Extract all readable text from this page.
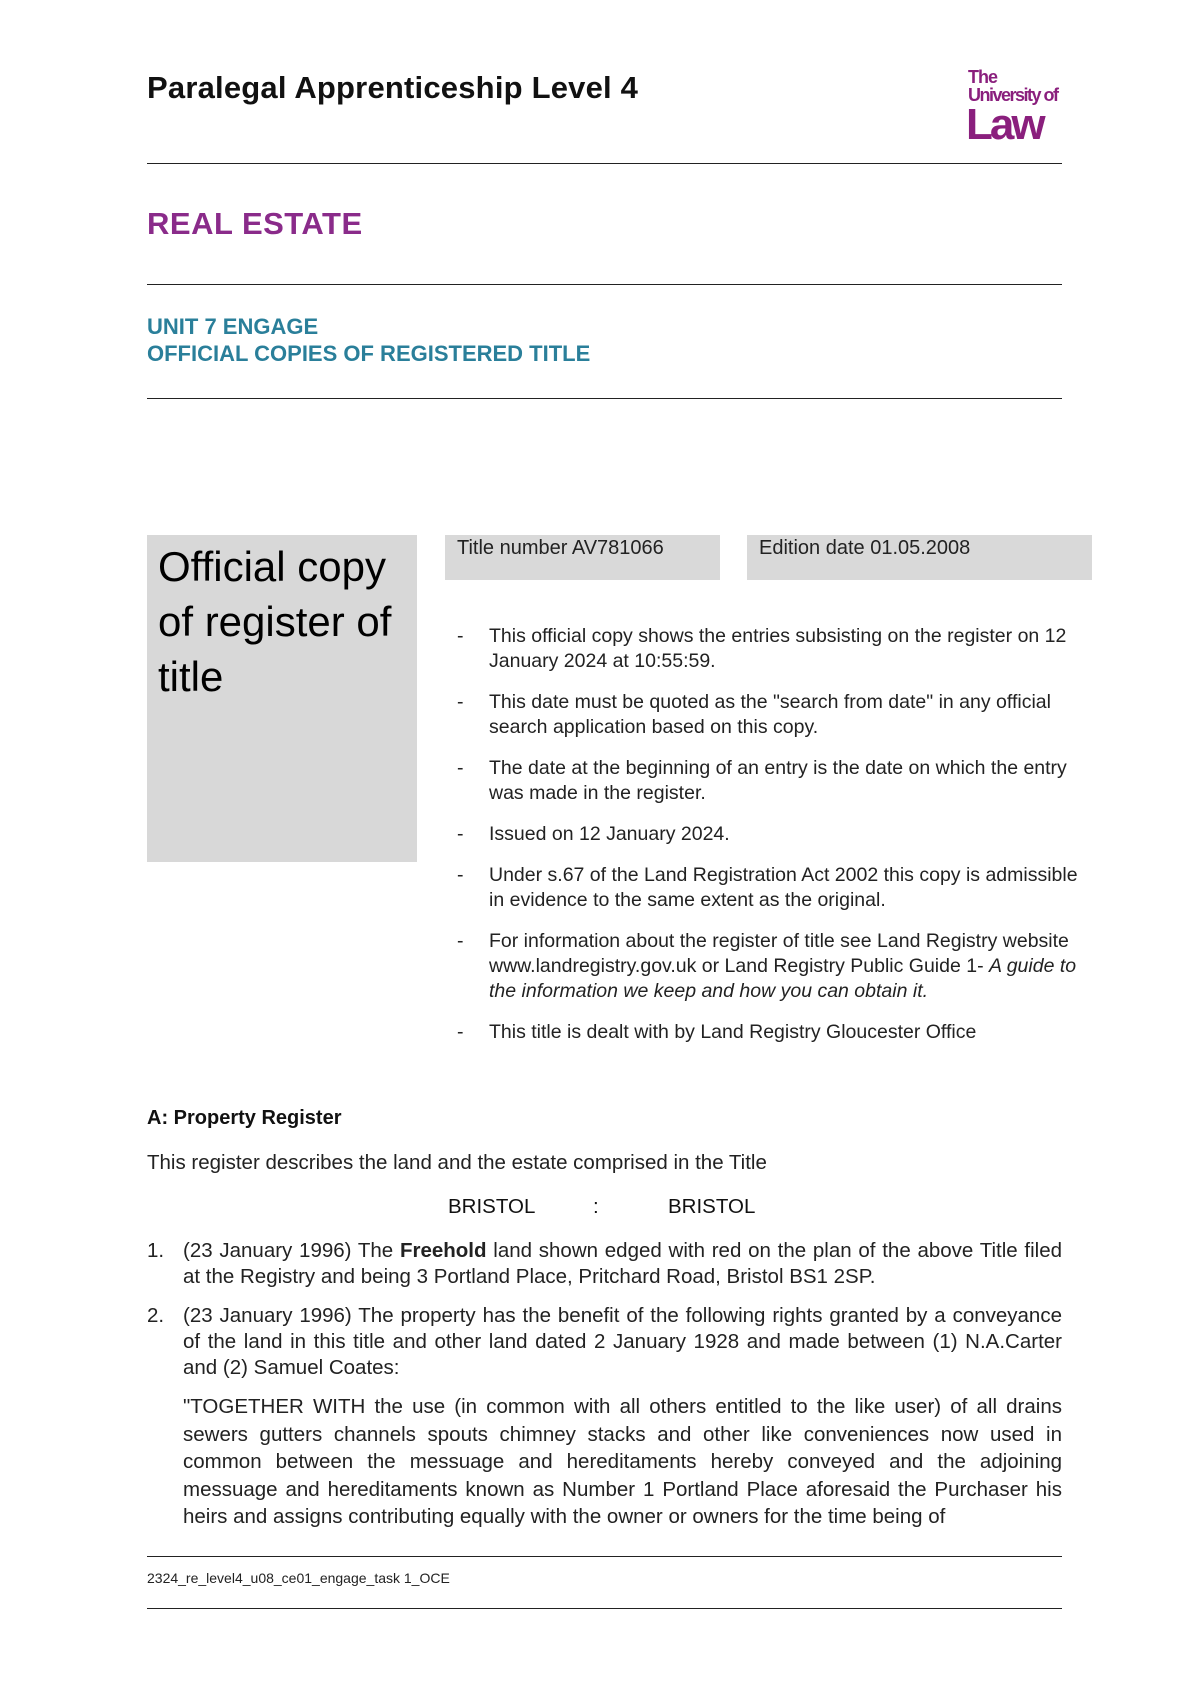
Paralegal Apprenticeship Level 4	The
University of
Law
REAL ESTATE
UNIT 7 ENGAGE
OFFICIAL COPIES OF REGISTERED TITLE
Official copy of register of title
Title number AV781066	Edition date 01.05.2008
- This official copy shows the entries subsisting on the register on 12 January 2024 at 10:55:59.
- This date must be quoted as the "search from date" in any official search application based on this copy.
- The date at the beginning of an entry is the date on which the entry was made in the register.
- Issued on 12 January 2024.
- Under s.67 of the Land Registration Act 2002 this copy is admissible in evidence to the same extent as the original.
- For information about the register of title see Land Registry website www.landregistry.gov.uk or Land Registry Public Guide 1- A guide to the information we keep and how you can obtain it.
- This title is dealt with by Land Registry Gloucester Office
A: Property Register
This register describes the land and the estate comprised in the Title
BRISTOL	:	BRISTOL
1. (23 January 1996) The Freehold land shown edged with red on the plan of the above Title filed at the Registry and being 3 Portland Place, Pritchard Road, Bristol BS1 2SP.
2. (23 January 1996) The property has the benefit of the following rights granted by a conveyance of the land in this title and other land dated 2 January 1928 and made between (1) N.A.Carter and (2) Samuel Coates:
"TOGETHER WITH the use (in common with all others entitled to the like user) of all drains sewers gutters channels spouts chimney stacks and other like conveniences now used in common between the messuage and hereditaments hereby conveyed and the adjoining messuage and hereditaments known as Number 1 Portland Place aforesaid the Purchaser his heirs and assigns contributing equally with the owner or owners for the time being of
2324_re_level4_u08_ce01_engage_task 1_OCE
